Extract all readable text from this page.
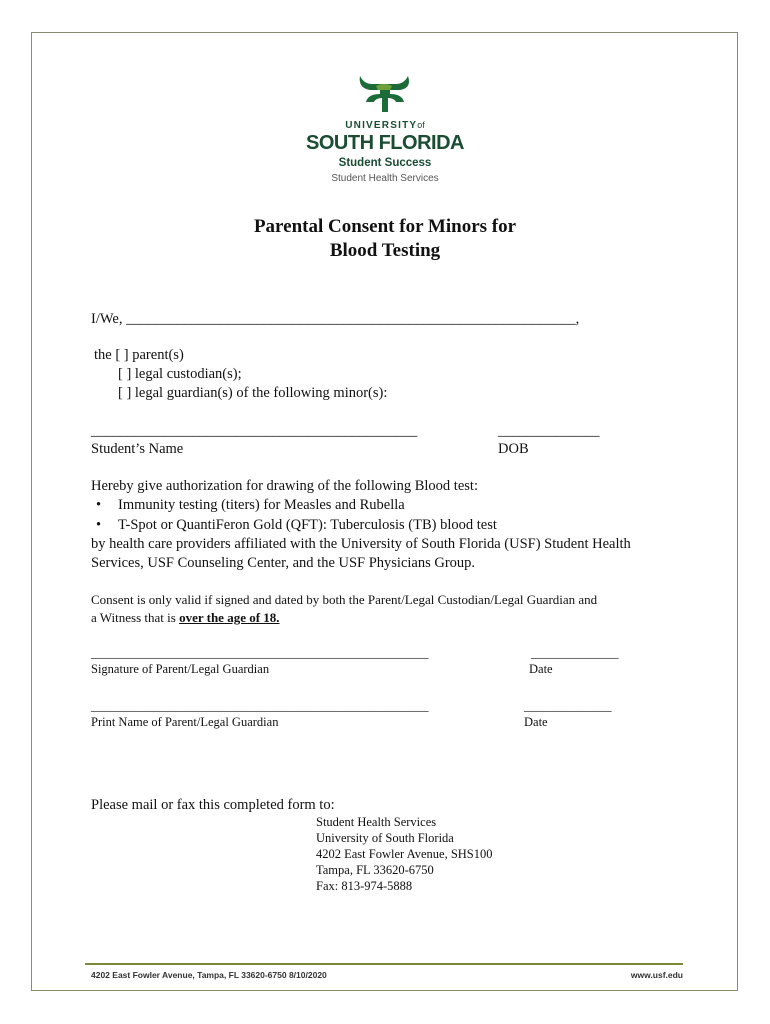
UNIVERSITYof
SOUTH FLORIDA
Student Success
Student Health Services
Parental Consent for Minors for
Blood Testing
I/We, ______________________________________________________________,
the [ ] parent(s)
[ ] legal custodian(s);
[ ] legal guardian(s) of the following minor(s):
_____________________________________________	______________
Student’s Name	DOB
Hereby give authorization for drawing of the following Blood test:
• Immunity testing (titers) for Measles and Rubella
• T-Spot or QuantiFeron Gold (QFT): Tuberculosis (TB) blood test
by health care providers affiliated with the University of South Florida (USF) Student Health
Services, USF Counseling Center, and the USF Physicians Group.
Consent is only valid if signed and dated by both the Parent/Legal Custodian/Legal Guardian and
a Witness that is over the age of 18.
______________________________________________________	______________
Signature of Parent/Legal Guardian	Date
______________________________________________________	______________
Print Name of Parent/Legal Guardian	Date
Please mail or fax this completed form to:
Student Health Services
University of South Florida
4202 East Fowler Avenue, SHS100
Tampa, FL 33620-6750
Fax: 813-974-5888
4202 East Fowler Avenue, Tampa, FL 33620-6750 8/10/2020	www.usf.edu
